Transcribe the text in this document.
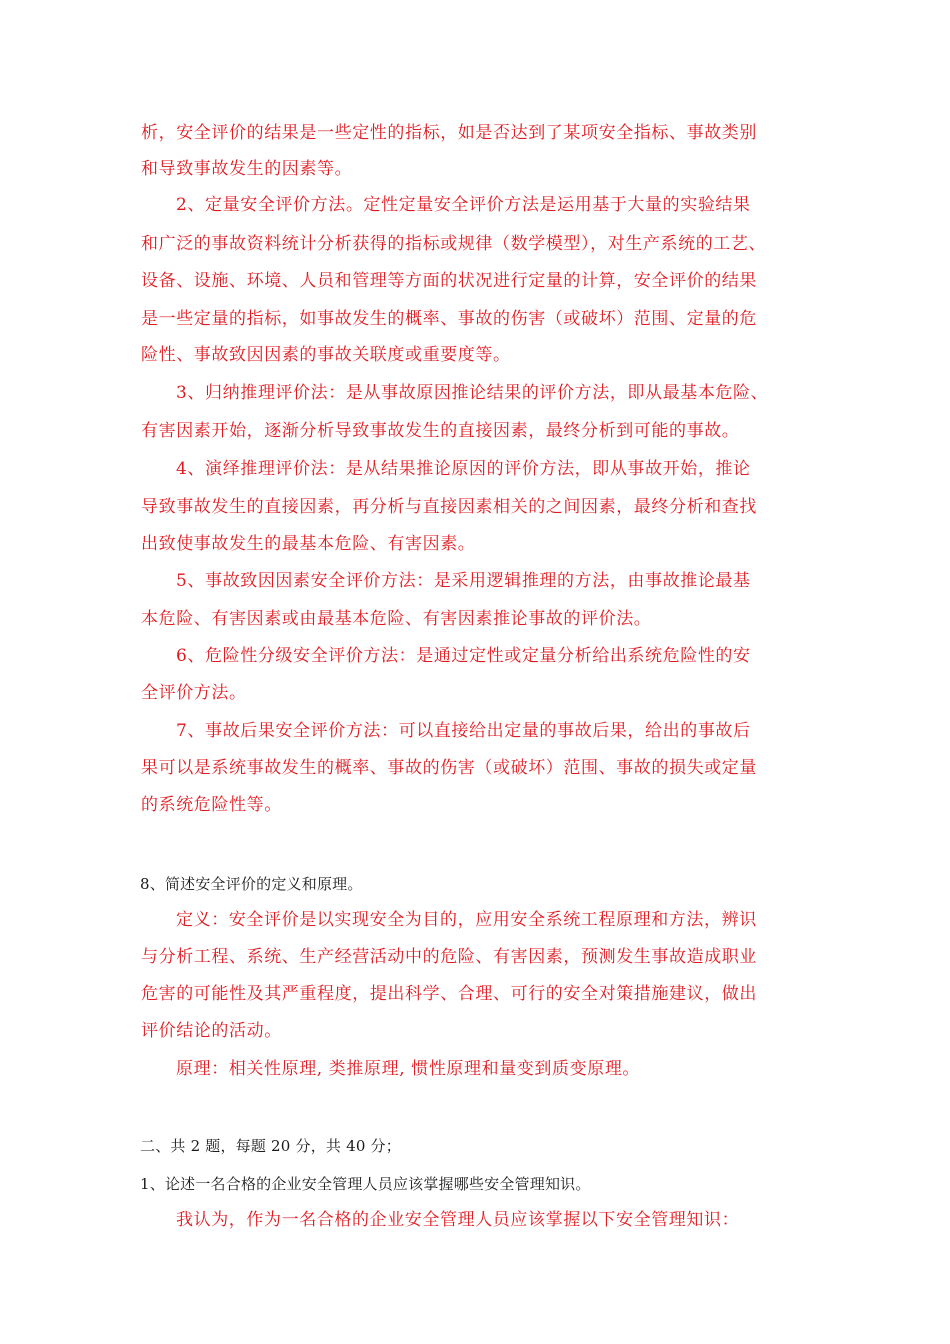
析，安全评价的结果是一些定性的指标，如是否达到了某项安全指标、事故类别

和导致事故发生的因素等。

2、定量安全评价方法。定性定量安全评价方法是运用基于大量的实验结果

和广泛的事故资料统计分析获得的指标或规律（数学模型），对生产系统的工艺、

设备、设施、环境、人员和管理等方面的状况进行定量的计算，安全评价的结果

是一些定量的指标，如事故发生的概率、事故的伤害（或破坏）范围、定量的危

险性、事故致因因素的事故关联度或重要度等。

3、归纳推理评价法：是从事故原因推论结果的评价方法，即从最基本危险、

有害因素开始，逐渐分析导致事故发生的直接因素，最终分析到可能的事故。

4、演绎推理评价法：是从结果推论原因的评价方法，即从事故开始，推论

导致事故发生的直接因素，再分析与直接因素相关的之间因素，最终分析和查找

出致使事故发生的最基本危险、有害因素。

5、事故致因因素安全评价方法：是采用逻辑推理的方法，由事故推论最基

本危险、有害因素或由最基本危险、有害因素推论事故的评价法。

6、危险性分级安全评价方法：是通过定性或定量分析给出系统危险性的安

全评价方法。

7、事故后果安全评价方法：可以直接给出定量的事故后果，给出的事故后

果可以是系统事故发生的概率、事故的伤害（或破坏）范围、事故的损失或定量

的系统危险性等。

8、简述安全评价的定义和原理。

定义：安全评价是以实现安全为目的，应用安全系统工程原理和方法，辨识

与分析工程、系统、生产经营活动中的危险、有害因素，预测发生事故造成职业

危害的可能性及其严重程度，提出科学、合理、可行的安全对策措施建议，做出

评价结论的活动。

原理：相关性原理, 类推原理, 惯性原理和量变到质变原理。

二、共 2 题，每题 20 分，共 40 分；

1、论述一名合格的企业安全管理人员应该掌握哪些安全管理知识。

我认为，作为一名合格的企业安全管理人员应该掌握以下安全管理知识：
